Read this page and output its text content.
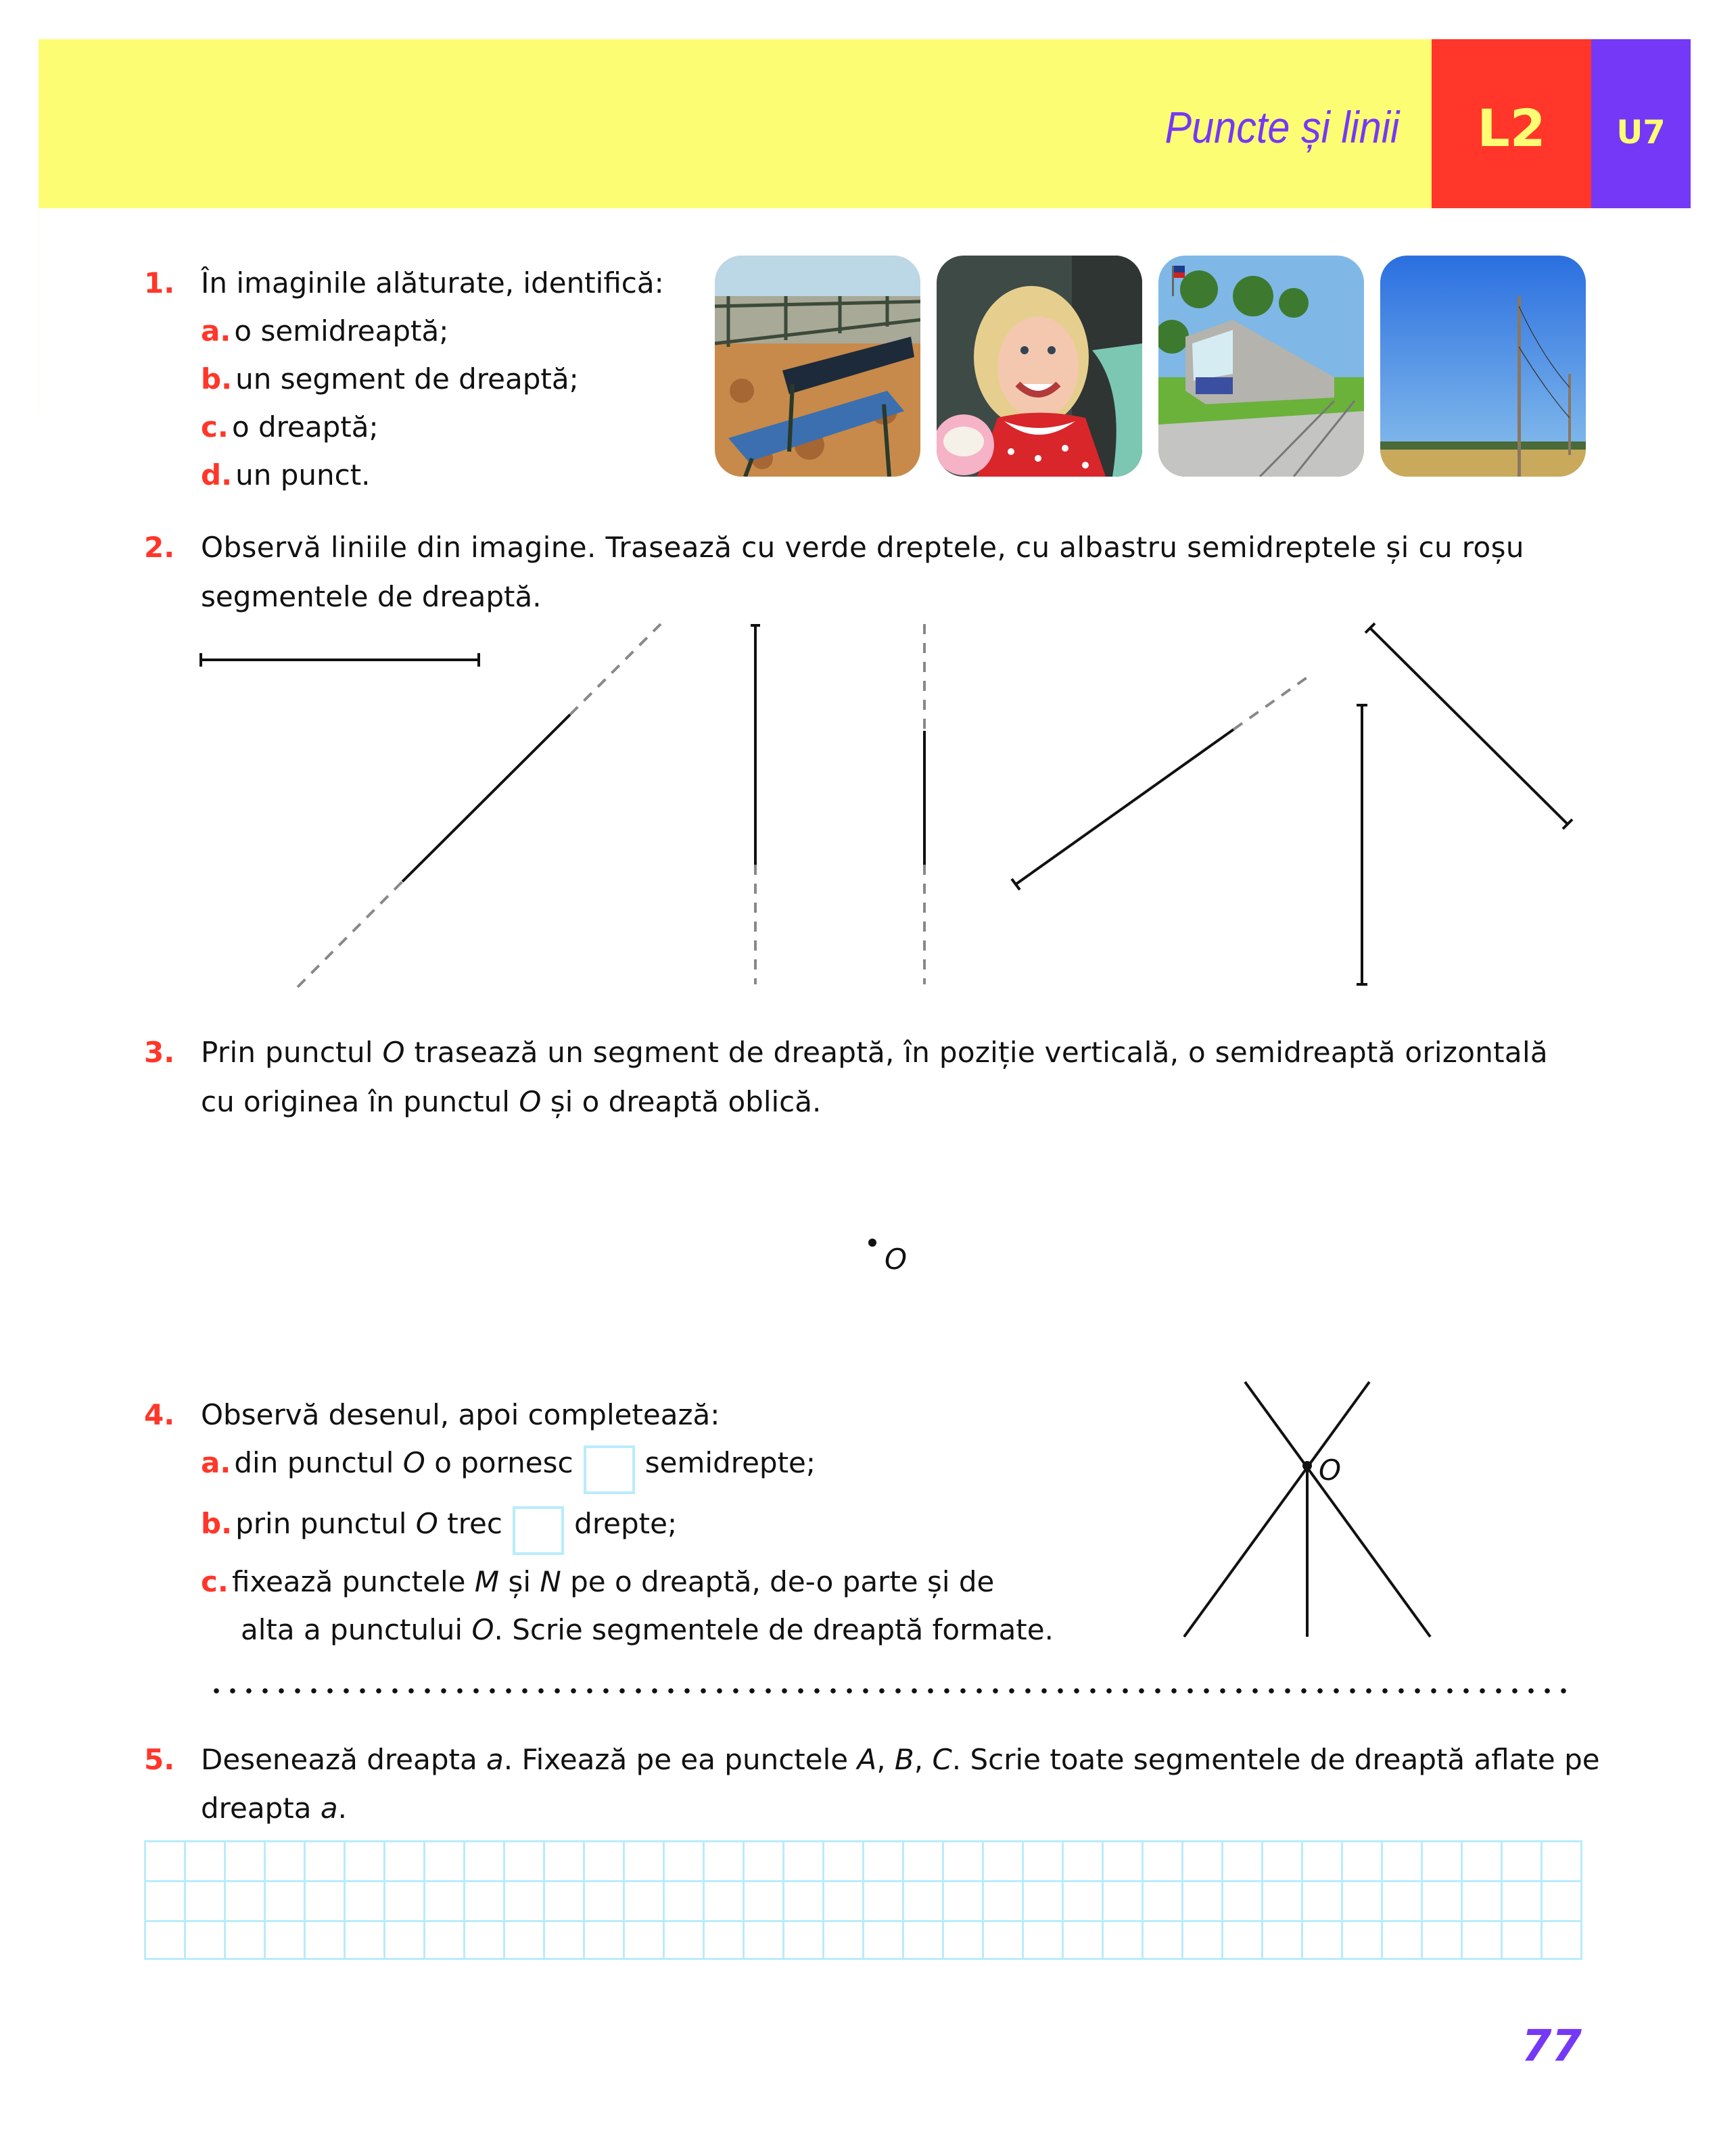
Puncte și linii	L2	U7
1. În imaginile alăturate, identifică:
a. o semidreaptă;
b. un segment de dreaptă;
c. o dreaptă;
d. un punct.
2. Observă liniile din imagine. Trasează cu verde dreptele, cu albastru semidreptele și cu roșu
segmentele de dreaptă.
3. Prin punctul O trasează un segment de dreaptă, în poziție verticală, o semidreaptă orizontală
cu originea în punctul O și o dreaptă oblică.
O
4. Observă desenul, apoi completează:
a. din punctul O o pornesc	semidrepte;
b. prin punctul O trec	drepte;
c. fixează punctele M și N pe o dreaptă, de-o parte și de
alta a punctului O. Scrie segmentele de dreaptă formate.
O
5. Desenează dreapta a. Fixează pe ea punctele A, B, C. Scrie toate segmentele de dreaptă aflate pe
dreapta a.
77
